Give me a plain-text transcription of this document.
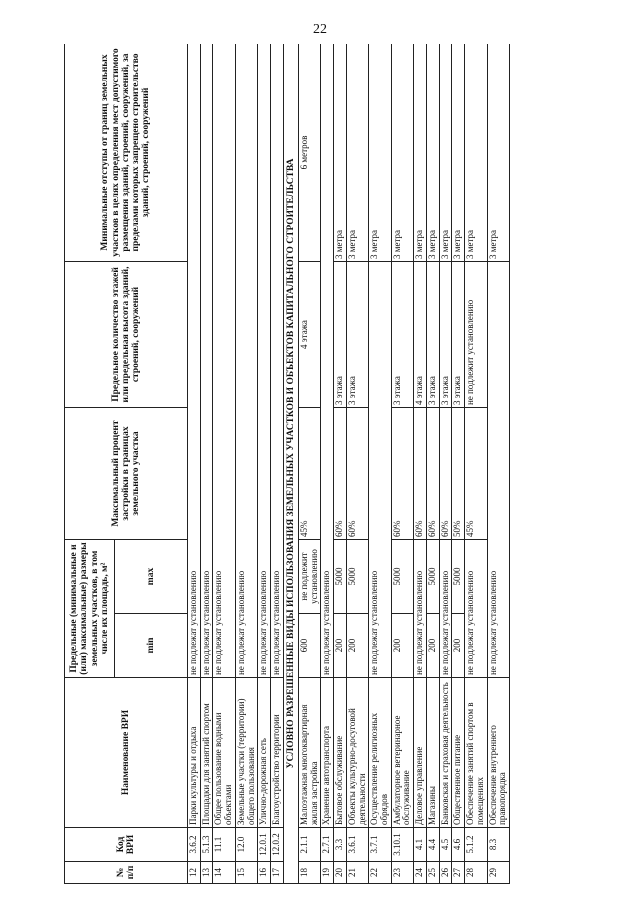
22
№ п/п	Код ВРИ	Наименование ВРИ	Предельные (минимальные и (или) максимальные) размеры земельных участков, в том числе их площадь, м²		Максимальный процент застройки в границах земельного участка	Предельное количество этажей или предельная высота зданий, строений, сооружений	Минимальные отступы от границ земельных участков в целях определения мест допустимого размещения зданий, строений, сооружений, за пределами которых запрещено строительство зданий, строений, сооружений
			min	max			
12	3.6.2	Парки культуры и отдыха	не подлежат установлению				
13	5.1.3	Площадки для занятий спортом	не подлежат установлению				
14	11.1	Общее пользование водными объектами	не подлежат установлению				
15	12.0	Земельные участки (территории) общего пользования	не подлежат установлению				
16	12.0.1	Улично-дорожная сеть	не подлежат установлению				
17	12.0.2	Благоустройство территории	не подлежат установлению				
УСЛОВНО РАЗРЕШЕННЫЕ ВИДЫ ИСПОЛЬЗОВАНИЯ ЗЕМЕЛЬНЫХ УЧАСТКОВ И ОБЪЕКТОВ КАПИТАЛЬНОГО СТРОИТЕЛЬСТВА							
18	2.1.1	Малоэтажная многоквартирная жилая застройка	600	не подлежит установлению	45%	4 этажа	6 метров
19	2.7.1	Хранение автотранспорта	не подлежат установлению				
20	3.3	Бытовое обслуживание	200	5000	60%	3 этажа	3 метра
21	3.6.1	Объекты культурно-досуговой деятельности	200	5000	60%	3 этажа	3 метра
22	3.7.1	Осуществление религиозных обрядов	не подлежат установлению				3 метра
23	3.10.1	Амбулаторное ветеринарное обслуживание	200	5000	60%	3 этажа	3 метра
24	4.1	Деловое управление	не подлежат установлению		60%	4 этажа	3 метра
25	4.4	Магазины	200	5000	60%	3 этажа	3 метра
26	4.5	Банковская и страховая деятельность	не подлежат установлению		60%	3 этажа	3 метра
27	4.6	Общественное питание	200	5000	50%	3 этажа	3 метра
28	5.1.2	Обеспечение занятий спортом в помещениях	не подлежат установлению		45%	не подлежит установлению	3 метра
29	8.3	Обеспечение внутреннего правопорядка	не подлежат установлению				3 метра
